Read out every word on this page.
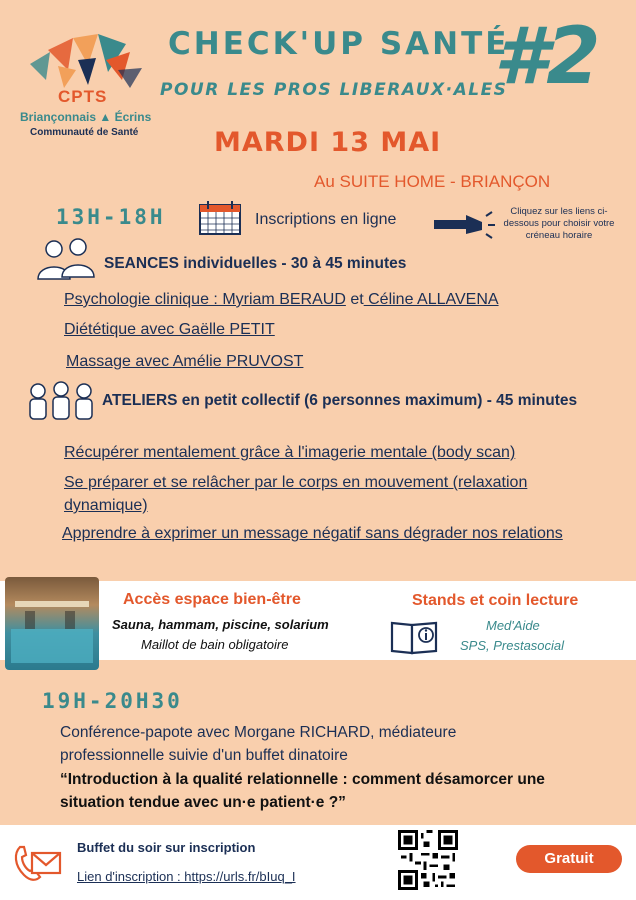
CPTS
Briançonnais ▲ Écrins
Communauté de Santé
CHECK'UP SANTÉ
POUR LES PROS LIBERAUX·ALES
#2
MARDI 13 MAI
Au SUITE HOME - BRIANÇON
13H-18H	Inscriptions en ligne	Cliquez sur les liens ci-dessous pour choisir votre créneau horaire
SEANCES individuelles - 30 à 45 minutes
Psychologie clinique : Myriam BERAUD et Céline ALLAVENA
Diététique avec Gaëlle PETIT
Massage avec Amélie PRUVOST
ATELIERS en petit collectif (6 personnes maximum) - 45 minutes
Récupérer mentalement grâce à l'imagerie mentale (body scan)
Se préparer et se relâcher par le corps en mouvement (relaxation
dynamique)
Apprendre à exprimer un message négatif sans dégrader nos relations
Accès espace bien-être
Sauna, hammam, piscine, solarium
Maillot de bain obligatoire
Stands et coin lecture
Med'Aide
SPS, Prestasocial
19H-20H30
Conférence-papote avec Morgane RICHARD, médiateure
professionnelle suivie d'un buffet dinatoire
“Introduction à la qualité relationnelle : comment désamorcer une
situation tendue avec un·e patient·e ?”
Buffet du soir sur inscription
Lien d'inscription : https://urls.fr/bIuq_I
Gratuit
